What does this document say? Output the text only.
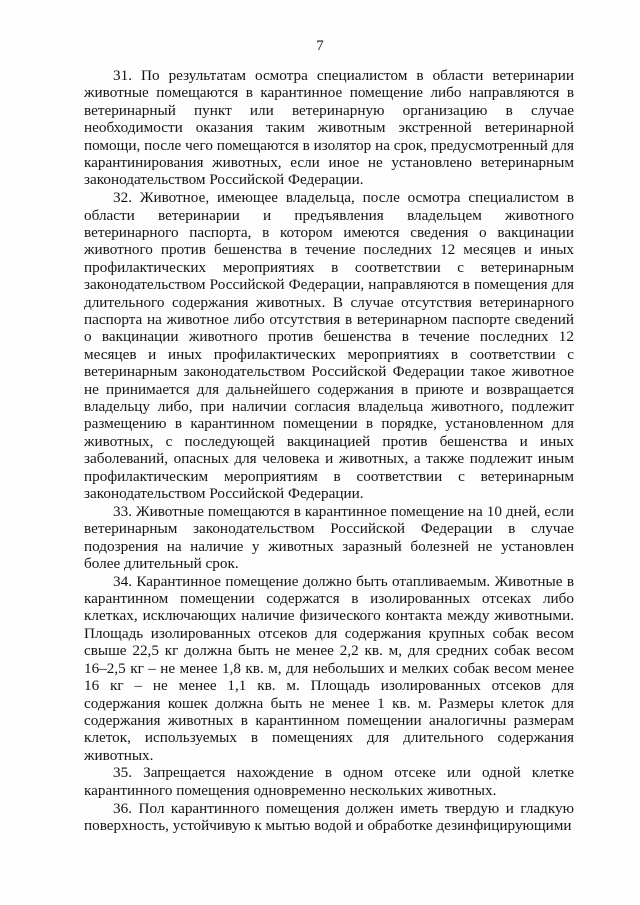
7

31. По результатам осмотра специалистом в области ветеринарии животные помещаются в карантинное помещение либо направляются в ветеринарный пункт или ветеринарную организацию в случае необходимости оказания таким животным экстренной ветеринарной помощи, после чего помещаются в изолятор на срок, предусмотренный для карантинирования животных, если иное не установлено ветеринарным законодательством Российской Федерации.

32. Животное, имеющее владельца, после осмотра специалистом в области ветеринарии и предъявления владельцем животного ветеринарного паспорта, в котором имеются сведения о вакцинации животного против бешенства в течение последних 12 месяцев и иных профилактических мероприятиях в соответствии с ветеринарным законодательством Российской Федерации, направляются в помещения для длительного содержания животных. В случае отсутствия ветеринарного паспорта на животное либо отсутствия в ветеринарном паспорте сведений о вакцинации животного против бешенства в течение последних 12 месяцев и иных профилактических мероприятиях в соответствии с ветеринарным законодательством Российской Федерации такое животное не принимается для дальнейшего содержания в приюте и возвращается владельцу либо, при наличии согласия владельца животного, подлежит размещению в карантинном помещении в порядке, установленном для животных, с последующей вакцинацией против бешенства и иных заболеваний, опасных для человека и животных, а также подлежит иным профилактическим мероприятиям в соответствии с ветеринарным законодательством Российской Федерации.

33. Животные помещаются в карантинное помещение на 10 дней, если ветеринарным законодательством Российской Федерации в случае подозрения на наличие у животных заразный болезней не установлен более длительный срок.

34. Карантинное помещение должно быть отапливаемым. Животные в карантинном помещении содержатся в изолированных отсеках либо клетках, исключающих наличие физического контакта между животными. Площадь изолированных отсеков для содержания крупных собак весом свыше 22,5 кг должна быть не менее 2,2 кв. м, для средних собак весом 16–2,5 кг – не менее 1,8 кв. м, для небольших и мелких собак весом менее 16 кг – не менее 1,1 кв. м. Площадь изолированных отсеков для содержания кошек должна быть не менее 1 кв. м. Размеры клеток для содержания животных в карантинном помещении аналогичны размерам клеток, используемых в помещениях для длительного содержания животных.

35. Запрещается нахождение в одном отсеке или одной клетке карантинного помещения одновременно нескольких животных.

36. Пол карантинного помещения должен иметь твердую и гладкую поверхность, устойчивую к мытью водой и обработке дезинфицирующими
